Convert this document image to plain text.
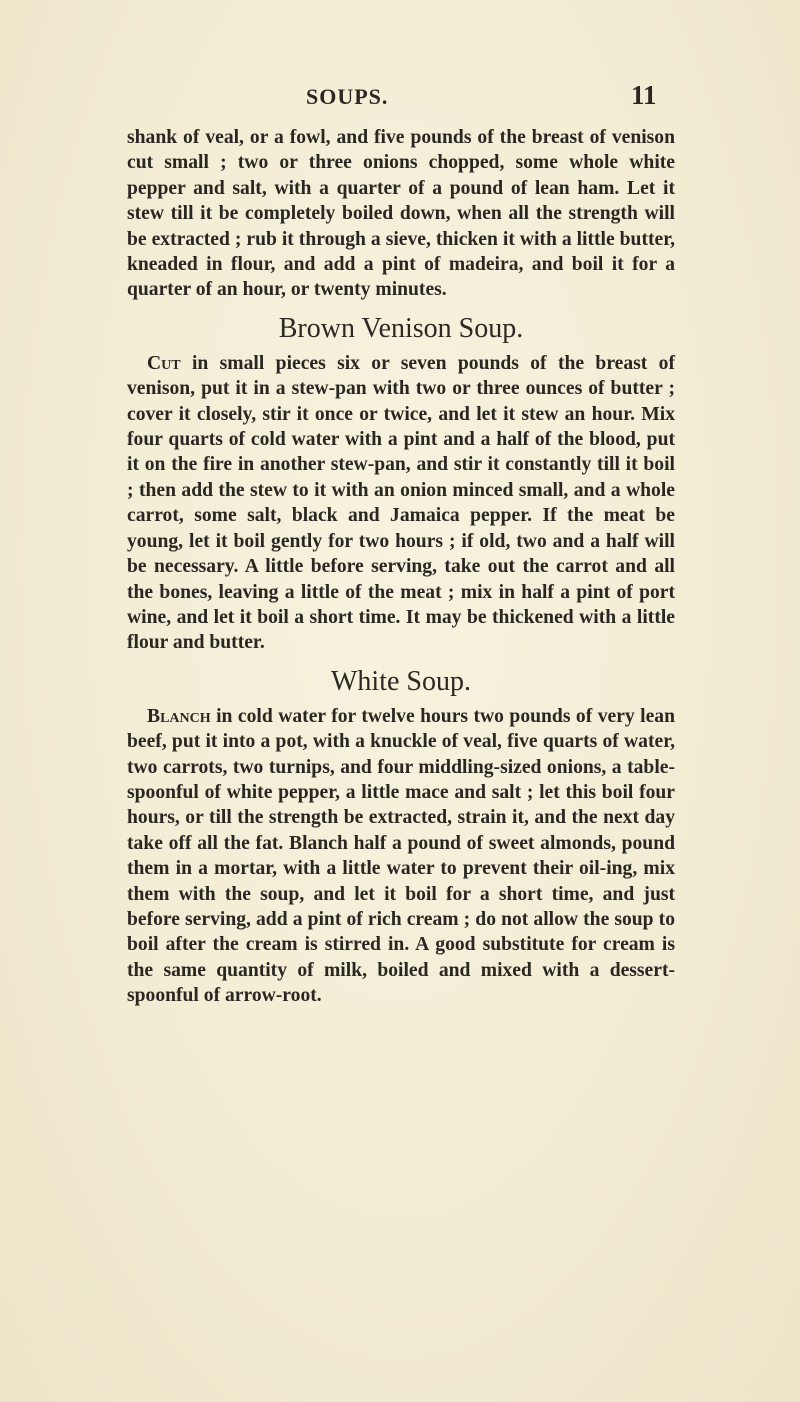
SOUPS.	11

shank of veal, or a fowl, and five pounds of the breast of venison cut small ; two or three onions chopped, some whole white pepper and salt, with a quarter of a pound of lean ham. Let it stew till it be completely boiled down, when all the strength will be extracted ; rub it through a sieve, thicken it with a little butter, kneaded in flour, and add a pint of madeira, and boil it for a quarter of an hour, or twenty minutes.

Brown Venison Soup.

Cut in small pieces six or seven pounds of the breast of venison, put it in a stew-pan with two or three ounces of butter ; cover it closely, stir it once or twice, and let it stew an hour. Mix four quarts of cold water with a pint and a half of the blood, put it on the fire in another stew-pan, and stir it constantly till it boil ; then add the stew to it with an onion minced small, and a whole carrot, some salt, black and Jamaica pepper. If the meat be young, let it boil gently for two hours ; if old, two and a half will be necessary. A little before serving, take out the carrot and all the bones, leaving a little of the meat ; mix in half a pint of port wine, and let it boil a short time. It may be thickened with a little flour and butter.

White Soup.

Blanch in cold water for twelve hours two pounds of very lean beef, put it into a pot, with a knuckle of veal, five quarts of water, two carrots, two turnips, and four middling-sized onions, a table-spoonful of white pepper, a little mace and salt ; let this boil four hours, or till the strength be extracted, strain it, and the next day take off all the fat. Blanch half a pound of sweet almonds, pound them in a mortar, with a little water to prevent their oil-ing, mix them with the soup, and let it boil for a short time, and just before serving, add a pint of rich cream ; do not allow the soup to boil after the cream is stirred in. A good substitute for cream is the same quantity of milk, boiled and mixed with a dessert-spoonful of arrow-root.
